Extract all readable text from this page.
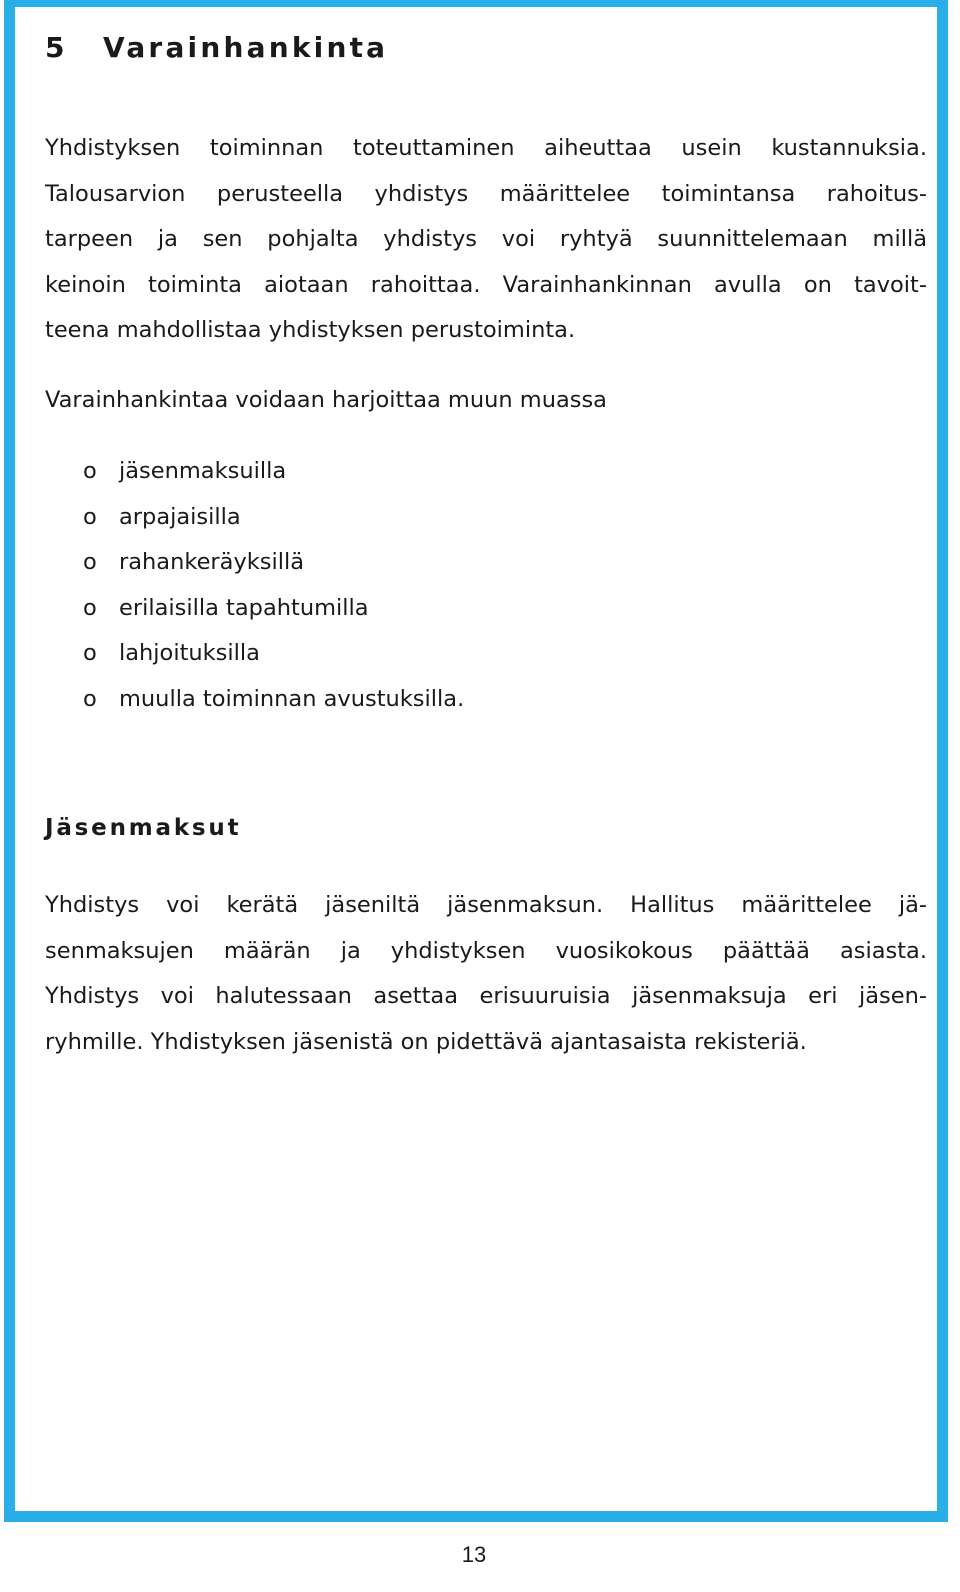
5 Varainhankinta

Yhdistyksen toiminnan toteuttaminen aiheuttaa usein kustannuksia.
Talousarvion perusteella yhdistys määrittelee toimintansa rahoitus-
tarpeen ja sen pohjalta yhdistys voi ryhtyä suunnittelemaan millä
keinoin toiminta aiotaan rahoittaa. Varainhankinnan avulla on tavoit-
teena mahdollistaa yhdistyksen perustoiminta.

Varainhankintaa voidaan harjoittaa muun muassa

o jäsenmaksuilla
o arpajaisilla
o rahankeräyksillä
o erilaisilla tapahtumilla
o lahjoituksilla
o muulla toiminnan avustuksilla.
Jäsenmaksut

Yhdistys voi kerätä jäseniltä jäsenmaksun. Hallitus määrittelee jä-
senmaksujen määrän ja yhdistyksen vuosikokous päättää asiasta.
Yhdistys voi halutessaan asettaa erisuuruisia jäsenmaksuja eri jäsen-
ryhmille. Yhdistyksen jäsenistä on pidettävä ajantasaista rekisteriä.

13
